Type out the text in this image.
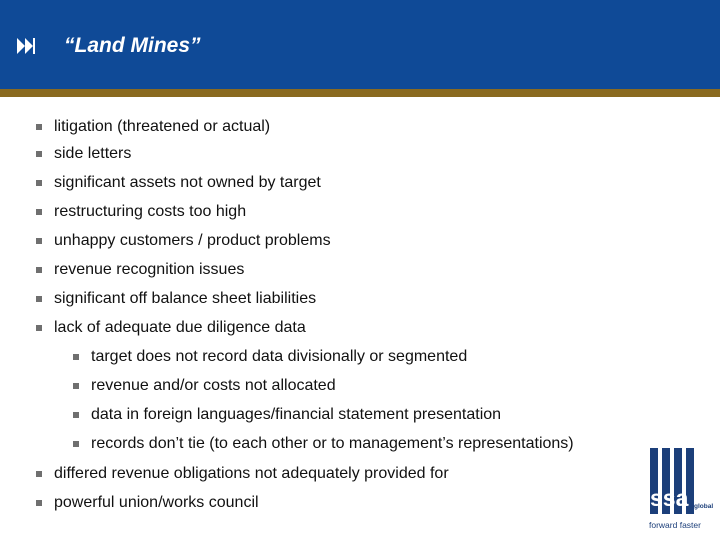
“Land Mines”
litigation (threatened or actual)
side letters
significant assets not owned by target
restructuring costs too high
unhappy customers / product problems
revenue recognition issues
significant off balance sheet liabilities
lack of adequate due diligence data
target does not record data divisionally or segmented
revenue and/or costs not allocated
data in foreign languages/financial statement presentation
records don’t tie (to each other or to management’s representations)
differed revenue obligations not adequately provided for
powerful union/works council	ssa global
forward faster
